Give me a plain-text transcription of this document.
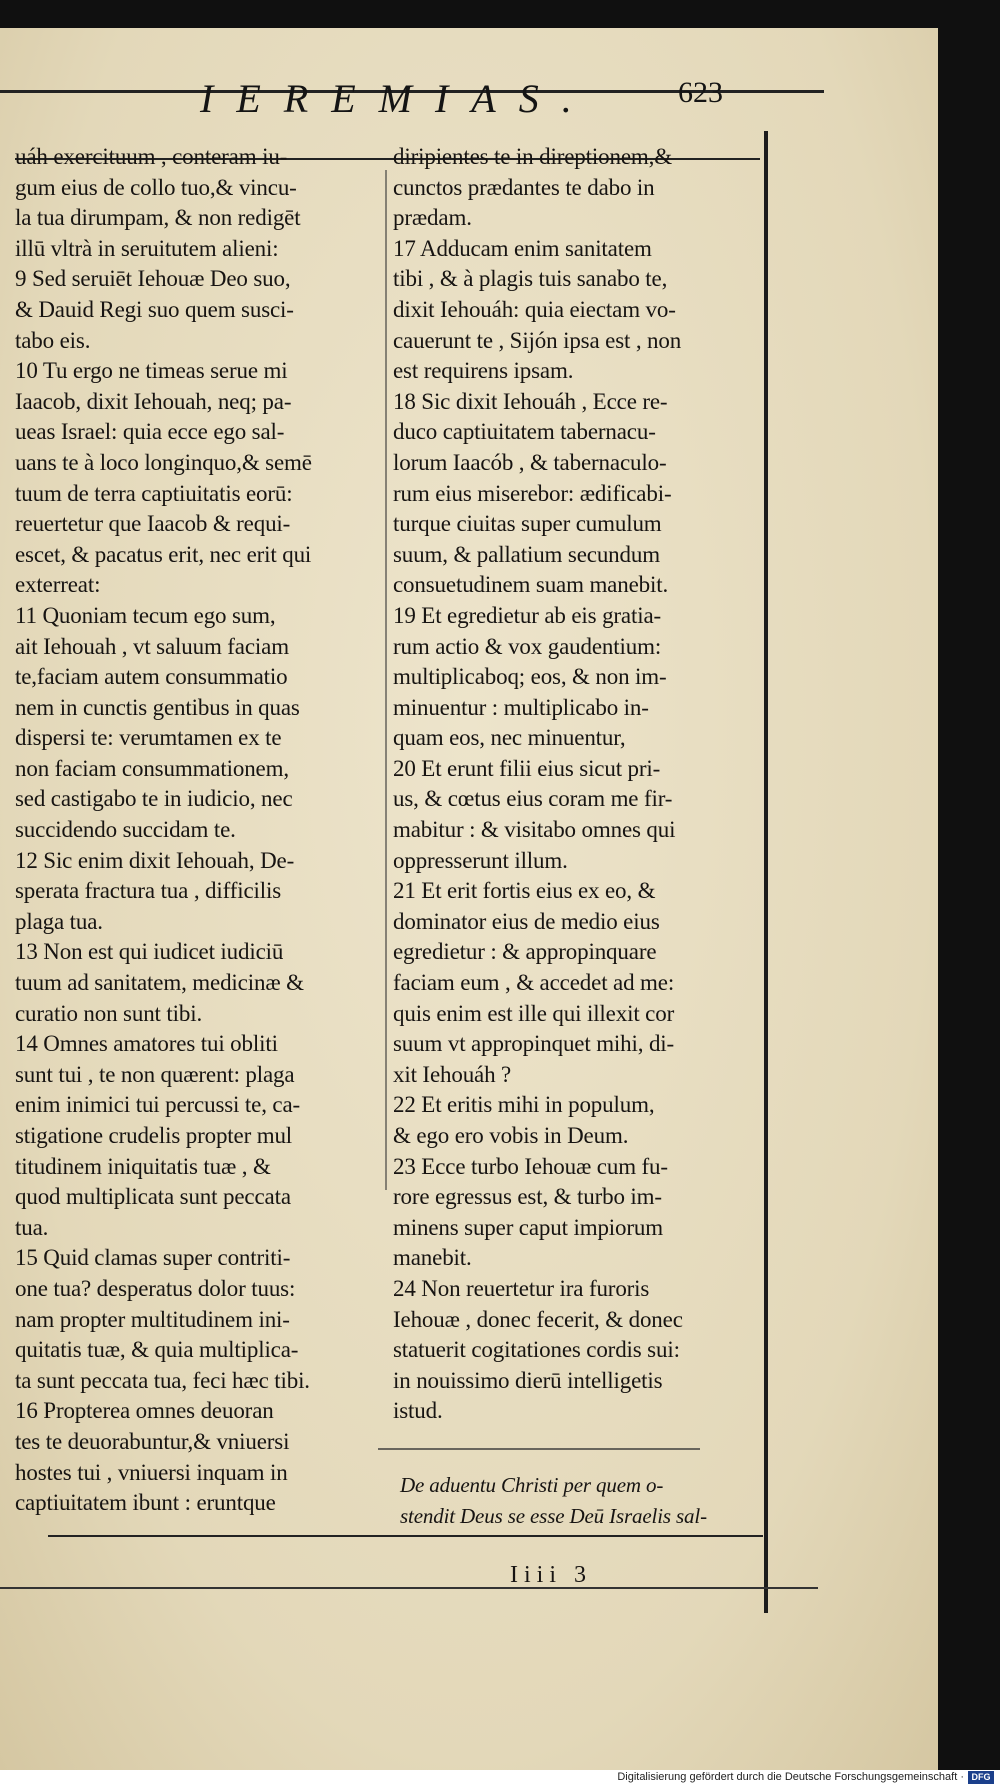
IEREMIAS.	623
uáh exercituum , conteram iu-
gum eius de collo tuo,& vincu-
la tua dirumpam, & non redigēt
illū vltrà in seruitutem alieni:
9 Sed seruiēt Iehouæ Deo suo,
& Dauid Regi suo quem susci-
tabo eis.
10 Tu ergo ne timeas serue mi
Iaacob, dixit Iehouah, neq; pa-
ueas Israel: quia ecce ego sal-
uans te à loco longinquo,& semē
tuum de terra captiuitatis eorū:
reuertetur que Iaacob & requi-
escet, & pacatus erit, nec erit qui
exterreat:
11 Quoniam tecum ego sum,
ait Iehouah , vt saluum faciam
te,faciam autem consummatio
nem in cunctis gentibus in quas
dispersi te: verumtamen ex te
non faciam consummationem,
sed castigabo te in iudicio, nec
succidendo succidam te.
12 Sic enim dixit Iehouah, De-
sperata fractura tua , difficilis
plaga tua.
13 Non est qui iudicet iudiciū
tuum ad sanitatem, medicinæ &
curatio non sunt tibi.
14 Omnes amatores tui obliti
sunt tui , te non quærent: plaga
enim inimici tui percussi te, ca-
stigatione crudelis propter mul
titudinem iniquitatis tuæ , &
quod multiplicata sunt peccata
tua.
15 Quid clamas super contriti-
one tua? desperatus dolor tuus:
nam propter multitudinem ini-
quitatis tuæ, & quia multiplica-
ta sunt peccata tua, feci hæc tibi.
16 Propterea omnes deuoran
tes te deuorabuntur,& vniuersi
hostes tui , vniuersi inquam in
captiuitatem ibunt : eruntque
diripientes te in direptionem,&
cunctos prædantes te dabo in
prædam.
17 Adducam enim sanitatem
tibi , & à plagis tuis sanabo te,
dixit Iehouáh: quia eiectam vo-
cauerunt te , Sijón ipsa est , non
est requirens ipsam.
18 Sic dixit Iehouáh , Ecce re-
duco captiuitatem tabernacu-
lorum Iaacób , & tabernaculo-
rum eius miserebor: ædificabi-
turque ciuitas super cumulum
suum, & pallatium secundum
consuetudinem suam manebit.
19 Et egredietur ab eis gratia-
rum actio & vox gaudentium:
multiplicaboq; eos, & non im-
minuentur : multiplicabo in-
quam eos, nec minuentur,
20 Et erunt filii eius sicut pri-
us, & cœtus eius coram me fir-
mabitur : & visitabo omnes qui
oppresserunt illum.
21 Et erit fortis eius ex eo, &
dominator eius de medio eius
egredietur : & appropinquare
faciam eum , & accedet ad me:
quis enim est ille qui illexit cor
suum vt appropinquet mihi, di-
xit Iehouáh ?
22 Et eritis mihi in populum,
& ego ero vobis in Deum.
23 Ecce turbo Iehouæ cum fu-
rore egressus est, & turbo im-
minens super caput impiorum
manebit.
24 Non reuertetur ira furoris
Iehouæ , donec fecerit, & donec
statuerit cogitationes cordis sui:
in nouissimo dierū intelligetis
istud.
De aduentu Christi per quem o-
stendit Deus se esse Deū Israelis sal-
Iiii 3
Digitalisierung gefördert durch die Deutsche Forschungsgemeinschaft · DFG
